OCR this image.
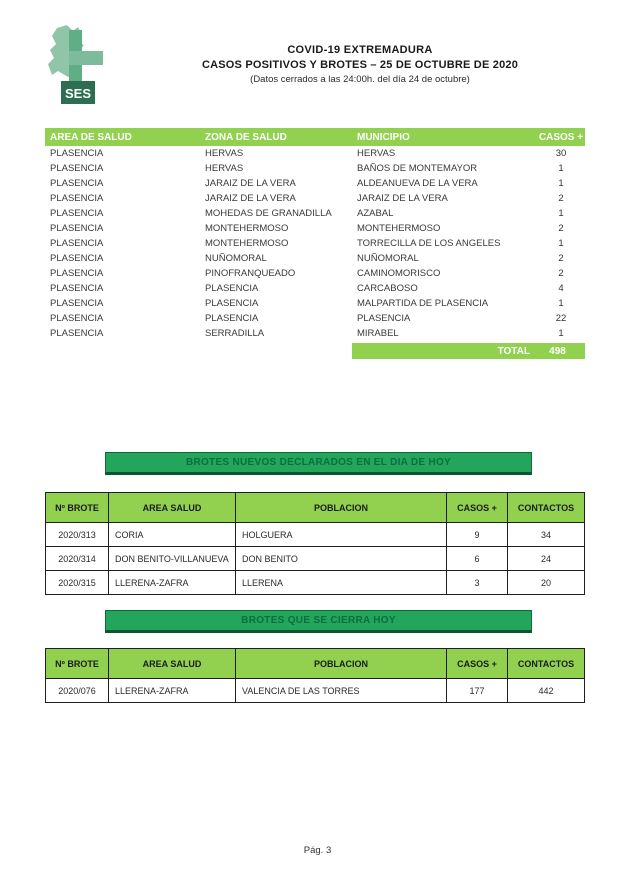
SES
COVID-19 EXTREMADURA
CASOS POSITIVOS Y BROTES – 25 DE OCTUBRE DE 2020
(Datos cerrados a las 24:00h. del día 24 de octubre)
AREA DE SALUD	ZONA DE SALUD	MUNICIPIO	CASOS +
PLASENCIA	HERVAS	HERVAS	30
PLASENCIA	HERVAS	BAÑOS DE MONTEMAYOR	1
PLASENCIA	JARAIZ DE LA VERA	ALDEANUEVA DE LA VERA	1
PLASENCIA	JARAIZ DE LA VERA	JARAIZ DE LA VERA	2
PLASENCIA	MOHEDAS DE GRANADILLA	AZABAL	1
PLASENCIA	MONTEHERMOSO	MONTEHERMOSO	2
PLASENCIA	MONTEHERMOSO	TORRECILLA DE LOS ANGELES	1
PLASENCIA	NUÑOMORAL	NUÑOMORAL	2
PLASENCIA	PINOFRANQUEADO	CAMINOMORISCO	2
PLASENCIA	PLASENCIA	CARCABOSO	4
PLASENCIA	PLASENCIA	MALPARTIDA DE PLASENCIA	1
PLASENCIA	PLASENCIA	PLASENCIA	22
PLASENCIA	SERRADILLA	MIRABEL	1
TOTAL	498
BROTES NUEVOS DECLARADOS EN EL DIA DE HOY
Nº BROTE	AREA SALUD	POBLACION	CASOS +	CONTACTOS
2020/313	CORIA	HOLGUERA	9	34
2020/314	DON BENITO-VILLANUEVA	DON BENITO	6	24
2020/315	LLERENA-ZAFRA	LLERENA	3	20
BROTES QUE SE CIERRA HOY
Nº BROTE	AREA SALUD	POBLACION	CASOS +	CONTACTOS
2020/076	LLERENA-ZAFRA	VALENCIA DE LAS TORRES	177	442
Pág. 3
